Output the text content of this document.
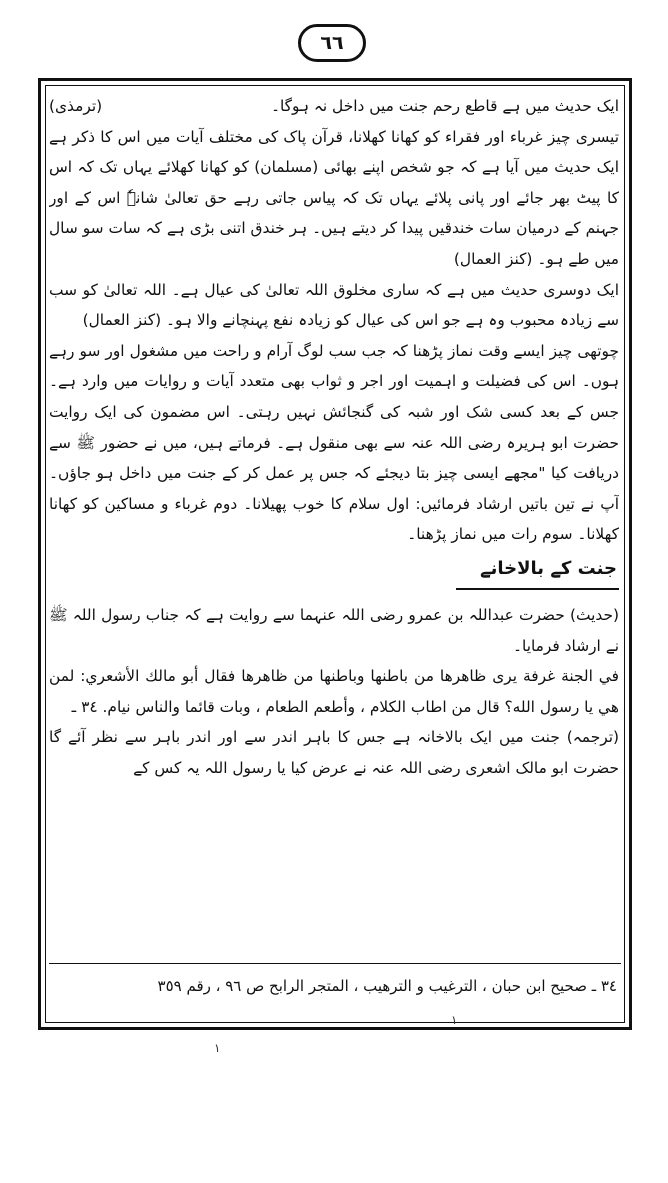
٦٦

ایک حدیث میں ہے قاطع رحم جنت میں داخل نہ ہوگا۔
(ترمذی)

تیسری چیز غرباء اور فقراء کو کھانا کھلانا، قرآن پاک کی مختلف آیات میں اس کا ذکر ہے ایک حدیث میں آیا ہے کہ جو شخص اپنے بھائی (مسلمان) کو کھانا کھلائے یہاں تک کہ اس کا پیٹ بھر جائے اور پانی پلائے یہاں تک کہ پیاس جاتی رہے حق تعالیٰ شانہٗ اس کے اور جہنم کے درمیان سات خندقیں پیدا کر دیتے ہیں۔ ہر خندق اتنی بڑی ہے کہ سات سو سال میں طے ہو۔ (کنز العمال)

ایک دوسری حدیث میں ہے کہ ساری مخلوق اللہ تعالیٰ کی عیال ہے۔ اللہ تعالیٰ کو سب سے زیادہ محبوب وہ ہے جو اس کی عیال کو زیادہ نفع پہنچانے والا ہو۔ (کنز العمال)

چوتھی چیز ایسے وقت نماز پڑھنا کہ جب سب لوگ آرام و راحت میں مشغول اور سو رہے ہوں۔ اس کی فضیلت و اہمیت اور اجر و ثواب بھی متعدد آیات و روایات میں وارد ہے۔ جس کے بعد کسی شک اور شبہ کی گنجائش نہیں رہتی۔ اس مضمون کی ایک روایت حضرت ابو ہریرہ رضی اللہ عنہ سے بھی منقول ہے۔ فرماتے ہیں، میں نے حضور ﷺ سے دریافت کیا "مجھے ایسی چیز بتا دیجئے کہ جس پر عمل کر کے جنت میں داخل ہو جاؤں۔ آپ نے تین باتیں ارشاد فرمائیں: اول سلام کا خوب پھیلانا۔ دوم غرباء و مساکین کو کھانا کھلانا۔ سوم رات میں نماز پڑھنا۔

جنت کے بالاخانے

(حدیث) حضرت عبداللہ بن عمرو رضی اللہ عنہما سے روایت ہے کہ جناب رسول اللہ ﷺ نے ارشاد فرمایا۔

في الجنة غرفة يرى ظاهرها من باطنها وباطنها من ظاهرها فقال أبو مالك الأشعري: لمن هي يا رسول الله؟ قال من اطاب الكلام ، وأطعم الطعام ، وبات قائما والناس نيام. ٣٤ ـ

(ترجمہ) جنت میں ایک بالاخانہ ہے جس کا باہر اندر سے اور اندر باہر سے نظر آئے گا حضرت ابو مالک اشعری رضی اللہ عنہ نے عرض کیا یا رسول اللہ یہ کس کے

٣٤ ـ صحیح ابن حبان ، الترغیب و الترهیب ، المتجر الرابح ص ٩٦ ، رقم ٣٥٩
١
١
